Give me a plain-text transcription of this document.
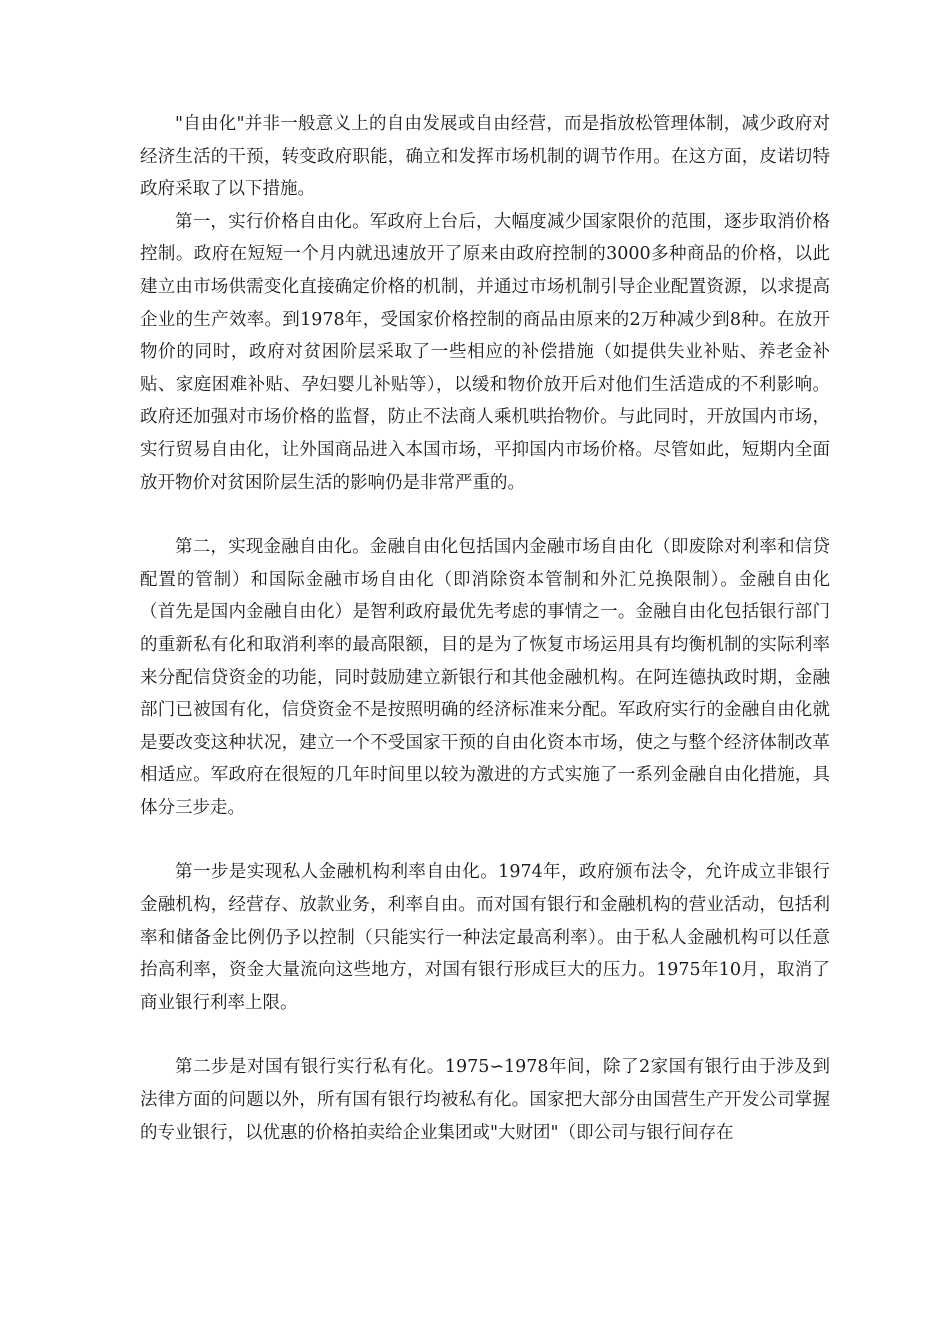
"自由化"并非一般意义上的自由发展或自由经营，而是指放松管理体制，减少政府对经济生活的干预，转变政府职能，确立和发挥市场机制的调节作用。在这方面，皮诺切特政府采取了以下措施。

第一，实行价格自由化。军政府上台后，大幅度减少国家限价的范围，逐步取消价格控制。政府在短短一个月内就迅速放开了原来由政府控制的3000多种商品的价格，以此建立由市场供需变化直接确定价格的机制，并通过市场机制引导企业配置资源，以求提高企业的生产效率。到1978年，受国家价格控制的商品由原来的2万种减少到8种。在放开物价的同时，政府对贫困阶层采取了一些相应的补偿措施（如提供失业补贴、养老金补贴、家庭困难补贴、孕妇婴儿补贴等），以缓和物价放开后对他们生活造成的不利影响。政府还加强对市场价格的监督，防止不法商人乘机哄抬物价。与此同时，开放国内市场，实行贸易自由化，让外国商品进入本国市场，平抑国内市场价格。尽管如此，短期内全面放开物价对贫困阶层生活的影响仍是非常严重的。

第二，实现金融自由化。金融自由化包括国内金融市场自由化（即废除对利率和信贷配置的管制）和国际金融市场自由化（即消除资本管制和外汇兑换限制）。金融自由化（首先是国内金融自由化）是智利政府最优先考虑的事情之一。金融自由化包括银行部门的重新私有化和取消利率的最高限额，目的是为了恢复市场运用具有均衡机制的实际利率来分配信贷资金的功能，同时鼓励建立新银行和其他金融机构。在阿连德执政时期，金融部门已被国有化，信贷资金不是按照明确的经济标准来分配。军政府实行的金融自由化就是要改变这种状况，建立一个不受国家干预的自由化资本市场，使之与整个经济体制改革相适应。军政府在很短的几年时间里以较为激进的方式实施了一系列金融自由化措施，具体分三步走。

第一步是实现私人金融机构利率自由化。1974年，政府颁布法令，允许成立非银行金融机构，经营存、放款业务，利率自由。而对国有银行和金融机构的营业活动，包括利率和储备金比例仍予以控制（只能实行一种法定最高利率）。由于私人金融机构可以任意抬高利率，资金大量流向这些地方，对国有银行形成巨大的压力。1975年10月，取消了商业银行利率上限。

第二步是对国有银行实行私有化。1975∽1978年间，除了2家国有银行由于涉及到法律方面的问题以外，所有国有银行均被私有化。国家把大部分由国营生产开发公司掌握的专业银行，以优惠的价格拍卖给企业集团或"大财团"（即公司与银行间存在
